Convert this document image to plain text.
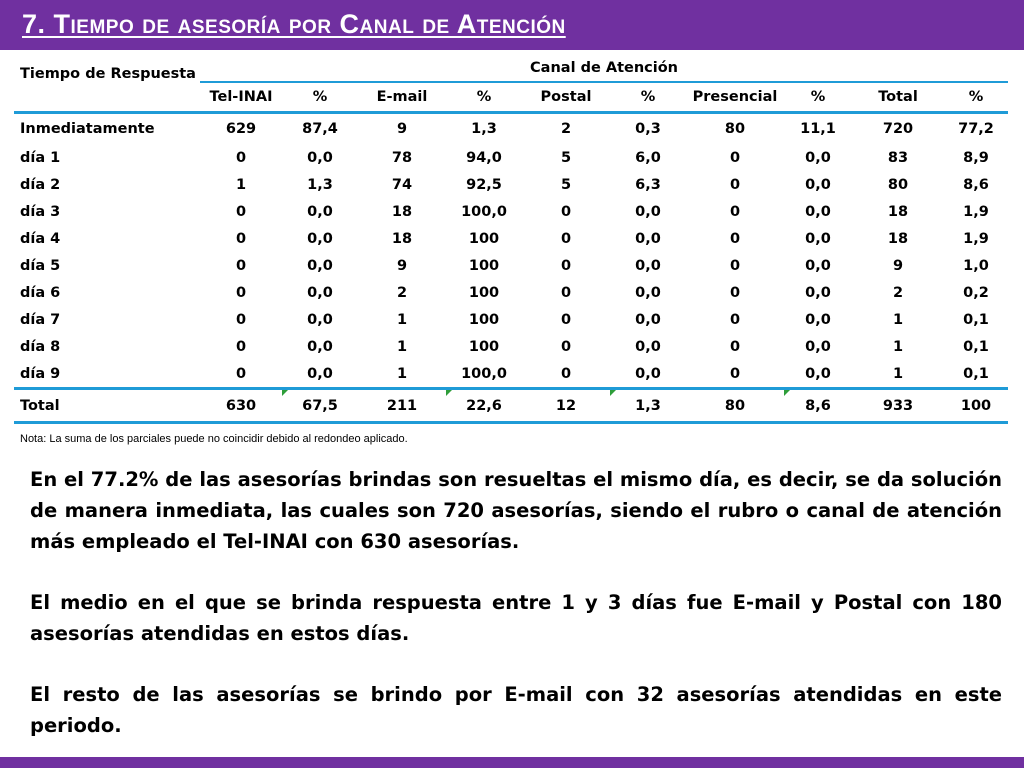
7. Tiempo de asesoría por Canal de Atención
Tiempo de Respuesta	Canal de Atención									
	Tel-INAI	%	E-mail	%	Postal	%	Presencial	%	Total	%
Inmediatamente	629	87,4	9	1,3	2	0,3	80	11,1	720	77,2
día 1	0	0,0	78	94,0	5	6,0	0	0,0	83	8,9
día 2	1	1,3	74	92,5	5	6,3	0	0,0	80	8,6
día 3	0	0,0	18	100,0	0	0,0	0	0,0	18	1,9
día 4	0	0,0	18	100	0	0,0	0	0,0	18	1,9
día 5	0	0,0	9	100	0	0,0	0	0,0	9	1,0
día 6	0	0,0	2	100	0	0,0	0	0,0	2	0,2
día 7	0	0,0	1	100	0	0,0	0	0,0	1	0,1
día 8	0	0,0	1	100	0	0,0	0	0,0	1	0,1
día 9	0	0,0	1	100,0	0	0,0	0	0,0	1	0,1
Total	630	67,5	211	22,6	12	1,3	80	8,6	933	100
Nota: La suma de los parciales puede no coincidir debido al redondeo aplicado.

En el 77.2% de las asesorías brindas son resueltas el mismo día, es decir, se da solución de manera inmediata, las cuales son 720 asesorías, siendo el rubro o canal de atención más empleado el Tel-INAI con 630 asesorías.

El medio en el que se brinda respuesta entre 1 y 3 días fue E-mail y Postal con 180 asesorías atendidas en estos días.

El resto de las asesorías se brindo por E-mail con 32 asesorías atendidas en este periodo.
